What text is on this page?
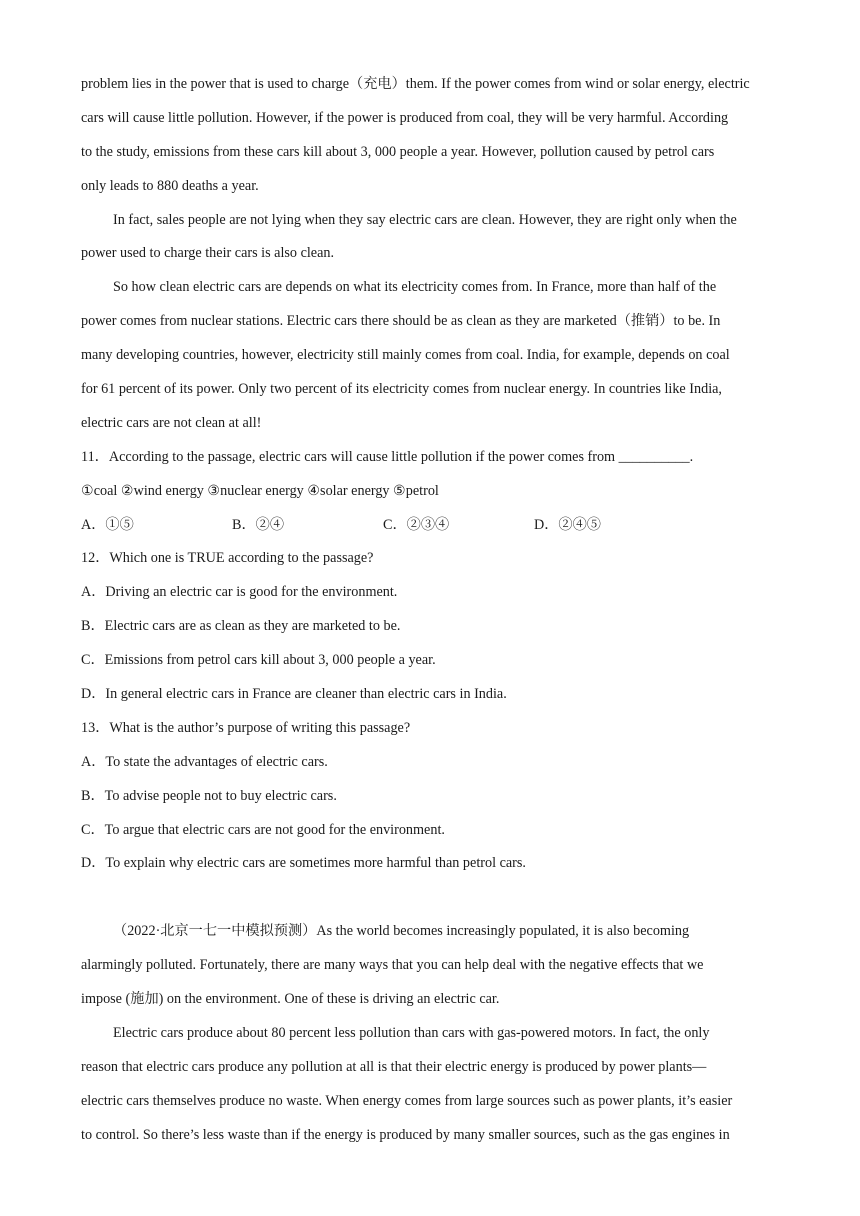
problem lies in the power that is used to charge（充电）them. If the power comes from wind or solar energy, electric
cars will cause little pollution. However, if the power is produced from coal, they will be very harmful. According
to the study, emissions from these cars kill about 3, 000 people a year. However, pollution caused by petrol cars
only leads to 880 deaths a year.
In fact, sales people are not lying when they say electric cars are clean. However, they are right only when the
power used to charge their cars is also clean.
So how clean electric cars are depends on what its electricity comes from. In France, more than half of the
power comes from nuclear stations. Electric cars there should be as clean as they are marketed（推销）to be. In
many developing countries, however, electricity still mainly comes from coal. India, for example, depends on coal
for 61 percent of its power. Only two percent of its electricity comes from nuclear energy. In countries like India,
electric cars are not clean at all!
11．According to the passage, electric cars will cause little pollution if the power comes from __________.
①coal ②wind energy ③nuclear energy ④solar energy ⑤petrol
A．①⑤	B．②④	C．②③④	D．②④⑤
12．Which one is TRUE according to the passage?
A．Driving an electric car is good for the environment.
B．Electric cars are as clean as they are marketed to be.
C．Emissions from petrol cars kill about 3, 000 people a year.
D．In general electric cars in France are cleaner than electric cars in India.
13．What is the author’s purpose of writing this passage?
A．To state the advantages of electric cars.
B．To advise people not to buy electric cars.
C．To argue that electric cars are not good for the environment.
D．To explain why electric cars are sometimes more harmful than petrol cars.
（2022·北京一七一中模拟预测）As the world becomes increasingly populated, it is also becoming
alarmingly polluted. Fortunately, there are many ways that you can help deal with the negative effects that we
impose (施加) on the environment. One of these is driving an electric car.
Electric cars produce about 80 percent less pollution than cars with gas-powered motors. In fact, the only
reason that electric cars produce any pollution at all is that their electric energy is produced by power plants—
electric cars themselves produce no waste. When energy comes from large sources such as power plants, it’s easier
to control. So there’s less waste than if the energy is produced by many smaller sources, such as the gas engines in
